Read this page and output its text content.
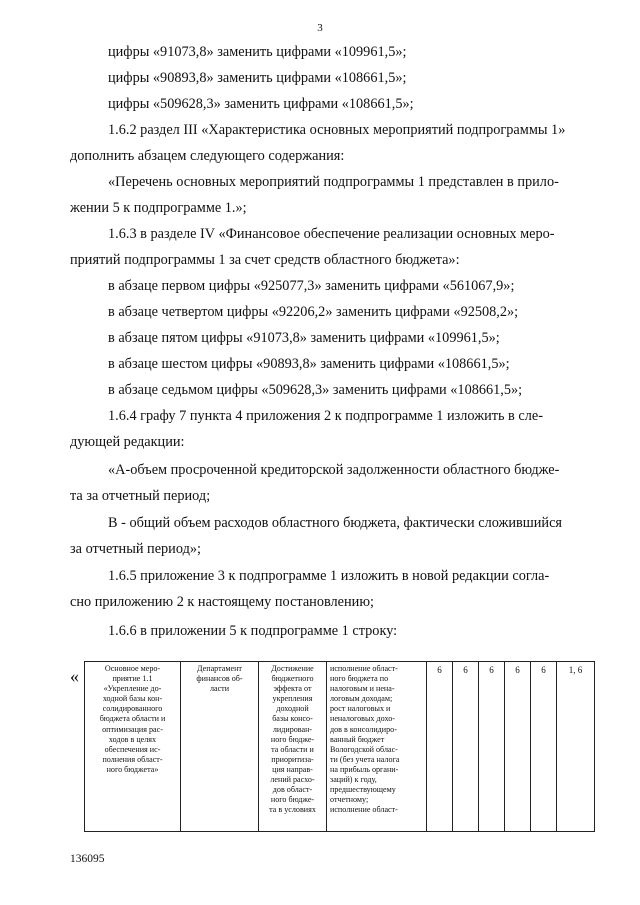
3
цифры «91073,8» заменить цифрами «109961,5»;
цифры «90893,8» заменить цифрами «108661,5»;
цифры «509628,3» заменить цифрами «108661,5»;
1.6.2 раздел III «Характеристика основных мероприятий подпрограммы 1»
дополнить абзацем следующего содержания:
«Перечень основных мероприятий подпрограммы 1 представлен в прило-
жении 5 к подпрограмме 1.»;
1.6.3 в разделе IV «Финансовое обеспечение реализации основных меро-
приятий подпрограммы 1 за счет средств областного бюджета»:
в абзаце первом цифры «925077,3» заменить цифрами «561067,9»;
в абзаце четвертом цифры «92206,2» заменить цифрами «92508,2»;
в абзаце пятом цифры «91073,8» заменить цифрами «109961,5»;
в абзаце шестом цифры «90893,8» заменить цифрами «108661,5»;
в абзаце седьмом цифры «509628,3» заменить цифрами «108661,5»;
1.6.4 графу 7 пункта 4 приложения 2 к подпрограмме 1 изложить в сле-
дующей редакции:
«А-объем просроченной кредиторской задолженности областного бюдже-
та за отчетный период;
В - общий объем расходов областного бюджета, фактически сложившийся
за отчетный период»;
1.6.5 приложение 3 к подпрограмме 1 изложить в новой редакции согла-
сно приложению 2 к настоящему постановлению;
1.6.6 в приложении 5 к подпрограмме 1 строку:
«	Основное меро-
приятие 1.1
«Укрепление до-
ходной базы кон-
солидированного
бюджета области и
оптимизация рас-
ходов в целях
обеспечения ис-
полнения област-
ного бюджета»

Департамент
финансов об-
ласти

Достижение
бюджетного
эффекта от
укрепления
доходной
базы консо-
лидирован-
ного бюдже-
та области и
приоритиза-
ция направ-
лений расхо-
дов област-
ного бюдже-
та в условиях

исполнение област-
ного бюджета по
налоговым и нена-
логовым доходам;
рост налоговых и
неналоговых дохо-
дов в консолидиро-
ванный бюджет
Вологодской облас-
ти (без учета налога
на прибыль органи-
заций) к году,
предшествующему
отчетному;
исполнение област-
	6	6	6	6	6	1, 6
136095
